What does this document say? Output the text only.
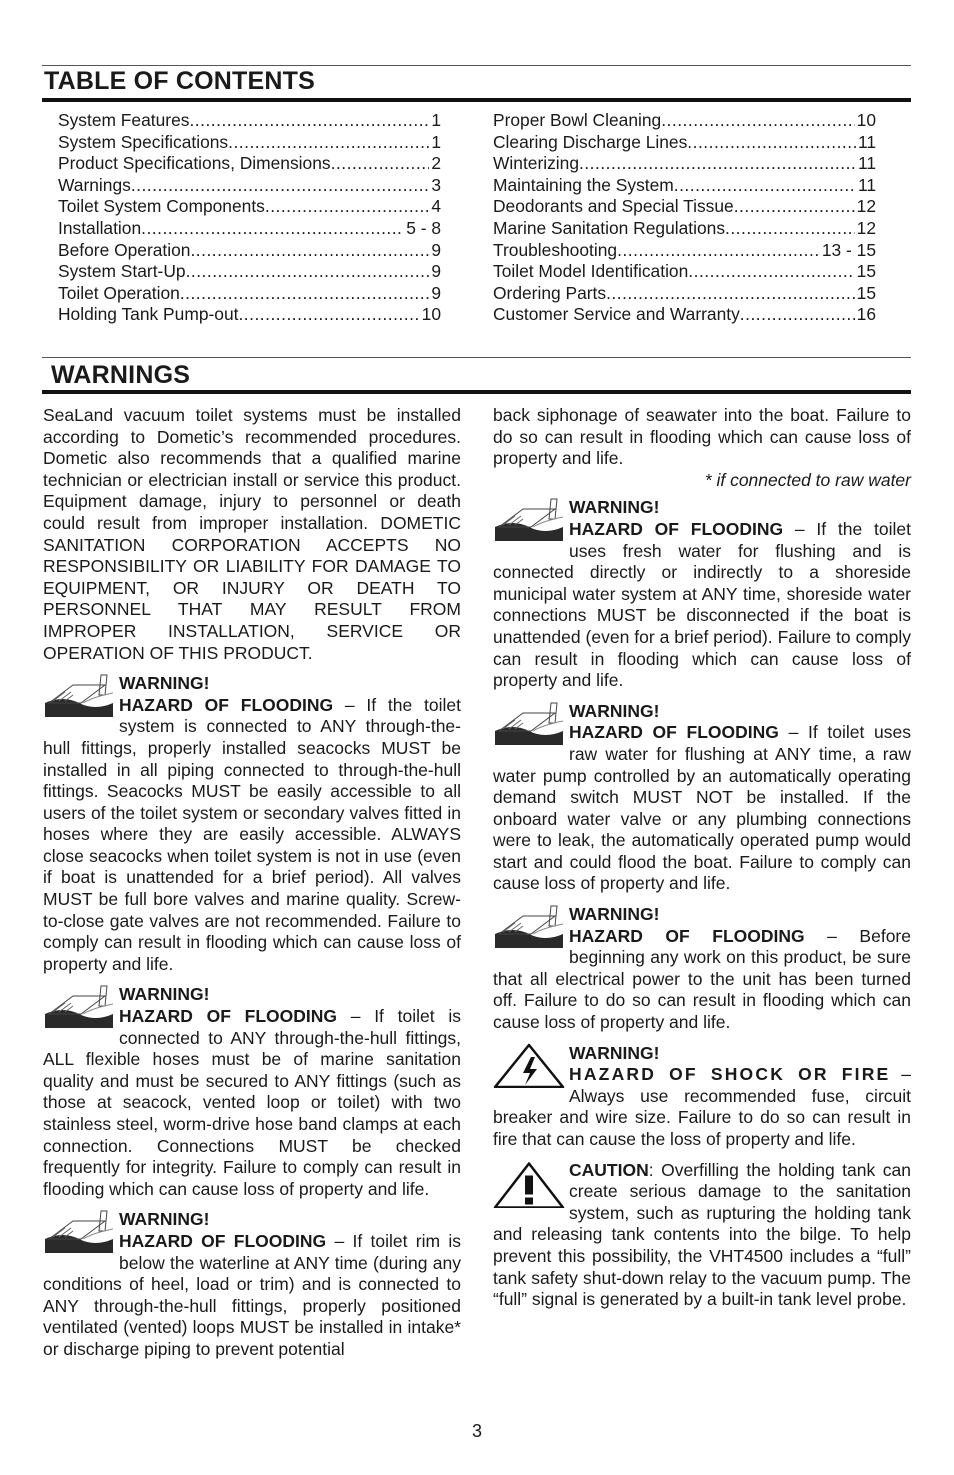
TABLE OF CONTENTS
System Features .....	1
System Specifications .....	1
Product Specifications, Dimensions .....	2
Warnings .....	3
Toilet System Components .....	4
Installation .....	5 - 8
Before Operation .....	9
System Start-Up .....	9
Toilet Operation .....	9
Holding Tank Pump-out .....	10
Proper Bowl Cleaning .....	10
Clearing Discharge Lines .....	11
Winterizing .....	11
Maintaining the System .....	11
Deodorants and Special Tissue .....	12
Marine Sanitation Regulations .....	12
Troubleshooting .....	13 - 15
Toilet Model Identification .....	15
Ordering Parts .....	15
Customer Service and Warranty .....	16
WARNINGS

SeaLand vacuum toilet systems must be installed according to Dometic’s recommended procedures. Dometic also recommends that a qualified marine technician or electrician install or service this product. Equipment damage, injury to personnel or death could result from improper installation. DOMETIC SANITATION CORPORATION ACCEPTS NO RESPONSIBILITY OR LIABILITY FOR DAMAGE TO EQUIPMENT, OR INJURY OR DEATH TO PERSONNEL THAT MAY RESULT FROM IMPROPER INSTALLATION, SERVICE OR OPERATION OF THIS PRODUCT.

WARNING!
HAZARD OF FLOODING – If the toilet system is connected to ANY through-the-hull fittings, properly installed seacocks MUST be installed in all piping connected to through-the-hull fittings. Seacocks MUST be easily accessible to all users of the toilet system or secondary valves fitted in hoses where they are easily accessible. ALWAYS close seacocks when toilet system is not in use (even if boat is unattended for a brief period). All valves MUST be full bore valves and marine quality. Screw-to-close gate valves are not recommended. Failure to comply can result in flooding which can cause loss of property and life.
WARNING!
HAZARD OF FLOODING – If toilet is connected to ANY through-the-hull fittings, ALL flexible hoses must be of marine sanitation quality and must be secured to ANY fittings (such as those at seacock, vented loop or toilet) with two stainless steel, worm-drive hose band clamps at each connection. Connections MUST be checked frequently for integrity. Failure to comply can result in flooding which can cause loss of property and life.
WARNING!
HAZARD OF FLOODING – If toilet rim is below the waterline at ANY time (during any conditions of heel, load or trim) and is connected to ANY through-the-hull fittings, properly positioned ventilated (vented) loops MUST be installed in intake* or discharge piping to prevent potential

back siphonage of seawater into the boat. Failure to do so can result in flooding which can cause loss of property and life.

* if connected to raw water

WARNING!
HAZARD OF FLOODING – If the toilet uses fresh water for flushing and is connected directly or indirectly to a shoreside municipal water system at ANY time, shoreside water connections MUST be disconnected if the boat is unattended (even for a brief period). Failure to comply can result in flooding which can cause loss of property and life.
WARNING!
HAZARD OF FLOODING – If toilet uses raw water for flushing at ANY time, a raw water pump controlled by an automatically operating demand switch MUST NOT be installed. If the onboard water valve or any plumbing connections were to leak, the automatically operated pump would start and could flood the boat. Failure to comply can cause loss of property and life.
WARNING!
HAZARD OF FLOODING – Before beginning any work on this product, be sure that all electrical power to the unit has been turned off. Failure to do so can result in flooding which can cause loss of property and life.
WARNING!
HAZARD OF SHOCK OR FIRE – Always use recommended fuse, circuit breaker and wire size. Failure to do so can result in fire that can cause the loss of property and life.
CAUTION: Overfilling the holding tank can create serious damage to the sanitation system, such as rupturing the holding tank and releasing tank contents into the bilge. To help prevent this possibility, the VHT4500 includes a “full” tank safety shut-down relay to the vacuum pump. The “full” signal is generated by a built-in tank level probe.
3
